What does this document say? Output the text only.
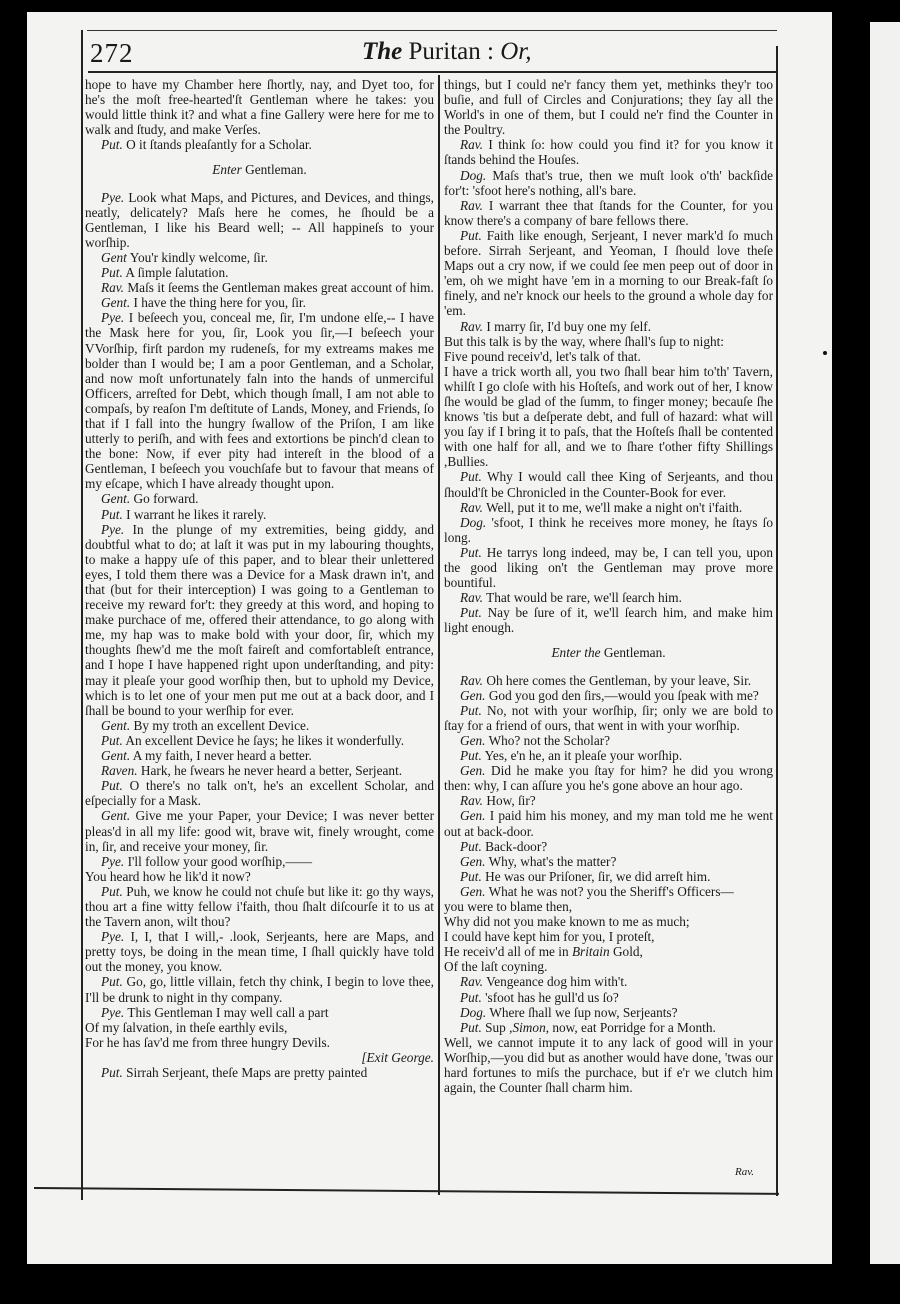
272	The Puritan : Or,

hope to have my Chamber here ſhortly, nay, and Dyet too, for he's the moſt free-hearted'ſt Gentleman where he takes: you would little think it? and what a fine Gallery were here for me to walk and ſtudy, and make Verſes.

Put. O it ſtands pleaſantly for a Scholar.

Enter Gentleman.

Pye. Look what Maps, and Pictures, and Devices, and things, neatly, delicately? Maſs here he comes, he ſhould be a Gentleman, I like his Beard well; -- All happineſs to your worſhip.

Gent You'r kindly welcome, ſir.

Put. A ſimple ſalutation.

Rav. Maſs it ſeems the Gentleman makes great account of him.

Gent. I have the thing here for you, ſir.

Pye. I beſeech you, conceal me, ſir, I'm undone elſe,-- I have the Mask here for you, ſir, Look you ſir,—I beſeech your VVorſhip, firſt pardon my rudeneſs, for my extreams makes me bolder than I would be; I am a poor Gentleman, and a Scholar, and now moſt unfortunately faln into the hands of unmerciful Officers, arreſted for Debt, which though ſmall, I am not able to compaſs, by reaſon I'm deſtitute of Lands, Money, and Friends, ſo that if I fall into the hungry ſwallow of the Priſon, I am like utterly to periſh, and with fees and extortions be pinch'd clean to the bone: Now, if ever pity had intereſt in the blood of a Gentleman, I beſeech you vouchſafe but to favour that means of my eſcape, which I have already thought upon.

Gent. Go forward.

Put. I warrant he likes it rarely.

Pye. In the plunge of my extremities, being giddy, and doubtful what to do; at laſt it was put in my labouring thoughts, to make a happy uſe of this paper, and to blear their unlettered eyes, I told them there was a Device for a Mask drawn in't, and that (but for their interception) I was going to a Gentleman to receive my reward for't: they greedy at this word, and hoping to make purchace of me, offered their attendance, to go along with me, my hap was to make bold with your door, ſir, which my thoughts ſhew'd me the moſt faireſt and comfortableſt entrance, and I hope I have happened right upon underſtanding, and pity: may it pleaſe your good worſhip then, but to uphold my Device, which is to let one of your men put me out at a back door, and I ſhall be bound to your werſhip for ever.

Gent. By my troth an excellent Device.

Put. An excellent Device he ſays; he likes it wonderfully.

Gent. A my faith, I never heard a better.

Raven. Hark, he ſwears he never heard a better, Serjeant.

Put. O there's no talk on't, he's an excellent Scholar, and eſpecially for a Mask.

Gent. Give me your Paper, your Device; I was never better pleas'd in all my life: good wit, brave wit, finely wrought, come in, ſir, and receive your money, ſir.

Pye. I'll follow your good worſhip,——

You heard how he lik'd it now?

Put. Puh, we know he could not chuſe but like it: go thy ways, thou art a fine witty fellow i'faith, thou ſhalt diſcourſe it to us at the Tavern anon, wilt thou?

Pye. I, I, that I will,- .look, Serjeants, here are Maps, and pretty toys, be doing in the mean time, I ſhall quickly have told out the money, you know.

Put. Go, go, little villain, fetch thy chink, I begin to love thee, I'll be drunk to night in thy company.

Pye. This Gentleman I may well call a part

Of my ſalvation, in theſe earthly evils,

For he has ſav'd me from three hungry Devils.

[Exit George.

Put. Sirrah Serjeant, theſe Maps are pretty painted

things, but I could ne'r fancy them yet, methinks they'r too buſie, and full of Circles and Conjurations; they ſay all the World's in one of them, but I could ne'r find the Counter in the Poultry.

Rav. I think ſo: how could you find it? for you know it ſtands behind the Houſes.

Dog. Maſs that's true, then we muſt look o'th' backſide for't: 'sfoot here's nothing, all's bare.

Rav. I warrant thee that ſtands for the Counter, for you know there's a company of bare fellows there.

Put. Faith like enough, Serjeant, I never mark'd ſo much before. Sirrah Serjeant, and Yeoman, I ſhould love theſe Maps out a cry now, if we could ſee men peep out of door in 'em, oh we might have 'em in a morning to our Break-faſt ſo finely, and ne'r knock our heels to the ground a whole day for 'em.

Rav. I marry ſir, I'd buy one my ſelf.

But this talk is by the way, where ſhall's ſup to night:

Five pound receiv'd, let's talk of that.

I have a trick worth all, you two ſhall bear him to'th' Tavern, whilſt I go cloſe with his Hoſteſs, and work out of her, I know ſhe would be glad of the ſumm, to finger money; becauſe ſhe knows 'tis but a deſperate debt, and full of hazard: what will you ſay if I bring it to paſs, that the Hoſteſs ſhall be contented with one half for all, and we to ſhare t'other fifty Shillings ,Bullies.

Put. Why I would call thee King of Serjeants, and thou ſhould'ſt be Chronicled in the Counter-Book for ever.

Rav. Well, put it to me, we'll make a night on't i'faith.

Dog. 'sfoot, I think he receives more money, he ſtays ſo long.

Put. He tarrys long indeed, may be, I can tell you, upon the good liking on't the Gentleman may prove more bountiful.

Rav. That would be rare, we'll ſearch him.

Put. Nay be ſure of it, we'll ſearch him, and make him light enough.

Enter the Gentleman.

Rav. Oh here comes the Gentleman, by your leave, Sir.

Gen. God you god den ſirs,—would you ſpeak with me?

Put. No, not with your worſhip, ſir; only we are bold to ſtay for a friend of ours, that went in with your worſhip.

Gen. Who? not the Scholar?

Put. Yes, e'n he, an it pleaſe your worſhip.

Gen. Did he make you ſtay for him? he did you wrong then: why, I can aſſure you he's gone above an hour ago.

Rav. How, ſir?

Gen. I paid him his money, and my man told me he went out at back-door.

Put. Back-door?

Gen. Why, what's the matter?

Put. He was our Priſoner, ſir, we did arreſt him.

Gen. What he was not? you the Sheriff's Officers—

you were to blame then,

Why did not you make known to me as much;

I could have kept him for you, I proteſt,

He receiv'd all of me in Britain Gold,

Of the laſt coyning.

Rav. Vengeance dog him with't.

Put. 'sfoot has he gull'd us ſo?

Dog. Where ſhall we ſup now, Serjeants?

Put. Sup ,Simon, now, eat Porridge for a Month.

Well, we cannot impute it to any lack of good will in your Worſhip,—you did but as another would have done, 'twas our hard fortunes to miſs the purchace, but if e'r we clutch him again, the Counter ſhall charm him.

Rav.
